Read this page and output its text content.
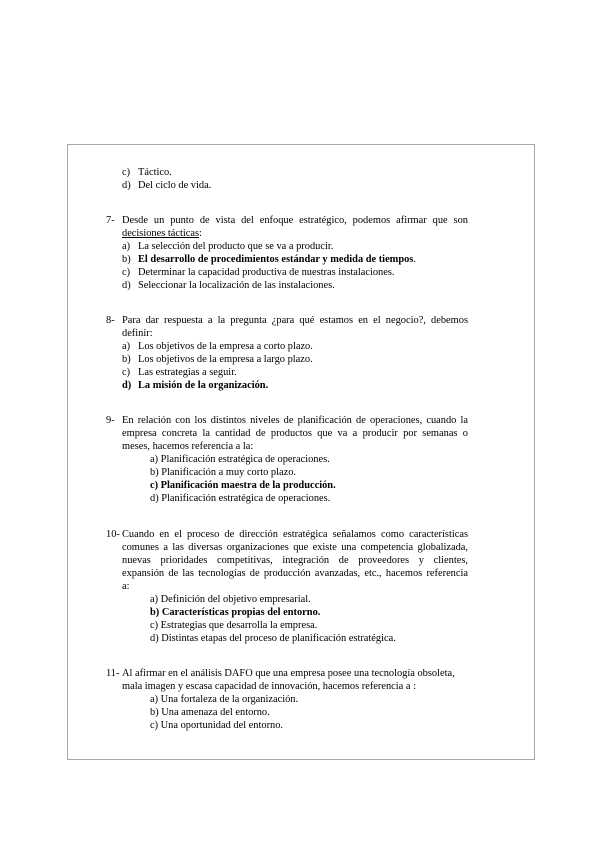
c) Táctico.
d) Del ciclo de vida.
7- Desde un punto de vista del enfoque estratégico, podemos afirmar que son
decisiones tácticas:
a) La selección del producto que se va a producir.
b) El desarrollo de procedimientos estándar y medida de tiempos.
c) Determinar la capacidad productiva de nuestras instalaciones.
d) Seleccionar la localización de las instalaciones.
8- Para dar respuesta a la pregunta ¿para qué estamos en el negocio?, debemos
definir:
a) Los objetivos de la empresa a corto plazo.
b) Los objetivos de la empresa a largo plazo.
c) Las estrategias a seguir.
d) La misión de la organización.
9- En relación con los distintos niveles de planificación de operaciones, cuando la
empresa concreta la cantidad de productos que va a producir por semanas o
meses, hacemos referencia a la:
a) Planificación estratégica de operaciones.
b) Planificación a muy corto plazo.
c) Planificación maestra de la producción.
d) Planificación estratégica de operaciones.
10- Cuando en el proceso de dirección estratégica señalamos como características
comunes a las diversas organizaciones que existe una competencia globalizada,
nuevas prioridades competitivas, integración de proveedores y clientes,
expansión de las tecnologías de producción avanzadas, etc., hacemos referencia
a:
a) Definición del objetivo empresarial.
b) Características propias del entorno.
c) Estrategias que desarrolla la empresa.
d) Distintas etapas del proceso de planificación estratégica.
11- Al afirmar en el análisis DAFO que una empresa posee una tecnología obsoleta,
mala imagen y escasa capacidad de innovación, hacemos referencia a :
a) Una fortaleza de la organización.
b) Una amenaza del entorno.
c) Una oportunidad del entorno.
